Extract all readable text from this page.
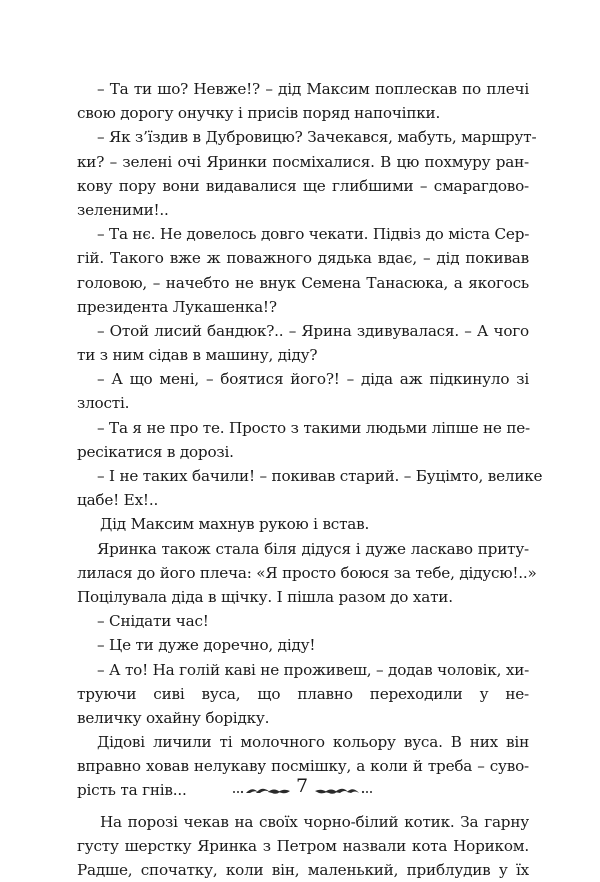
– Та ти шо? Невже!? – дід Максим поплескав по плечі
свою дорогу онучку і присів поряд напочіпки.
– Як з’їздив в Дубровицю? Зачекався, мабуть, маршрут-
ки? – зелені очі Яринки посміхалися. В цю похмуру ран-
кову пору вони видавалися ще глибшими – смарагдово-
зеленими!..
– Та нє. Не довелось довго чекати. Підвіз до міста Сер-
гій. Такого вже ж поважного дядька вдає, – дід покивав
головою, – начебто не внук Семена Танасюка, а якогось
президента Лукашенка!?
– Отой лисий бандюк?.. – Ярина здивувалася. – А чого
ти з ним сідав в машину, діду?
– А що мені, – боятися його?! – діда аж підкинуло зі
злості.
– Та я не про те. Просто з такими людьми ліпше не пе-
ресікатися в дорозі.
– І не таких бачили! – покивав старий. – Буцімто, велике
цабе! Ех!..
Дід Максим махнув рукою і встав.
Яринка також стала біля дідуся і дуже ласкаво приту-
лилася до його плеча: «Я просто боюся за тебе, дідусю!..»
Поцілувала діда в щічку. І пішла разом до хати.
– Снідати час!
– Це ти дуже доречно, діду!
– А то! На голій каві не проживеш, – додав чоловік, хи-
труючи сиві вуса, що плавно переходили у не-
величку охайну борідку.
Дідові личили ті молочного кольору вуса. В них він
вправно ховав нелукаву посмішку, а коли й треба – суво-
рість та гнів...
На порозі чекав на своїх чорно-білий котик. За гарну
густу шерстку Яринка з Петром назвали кота Нориком.
Радше, спочатку, коли він, маленький, приблудив у їх
7
